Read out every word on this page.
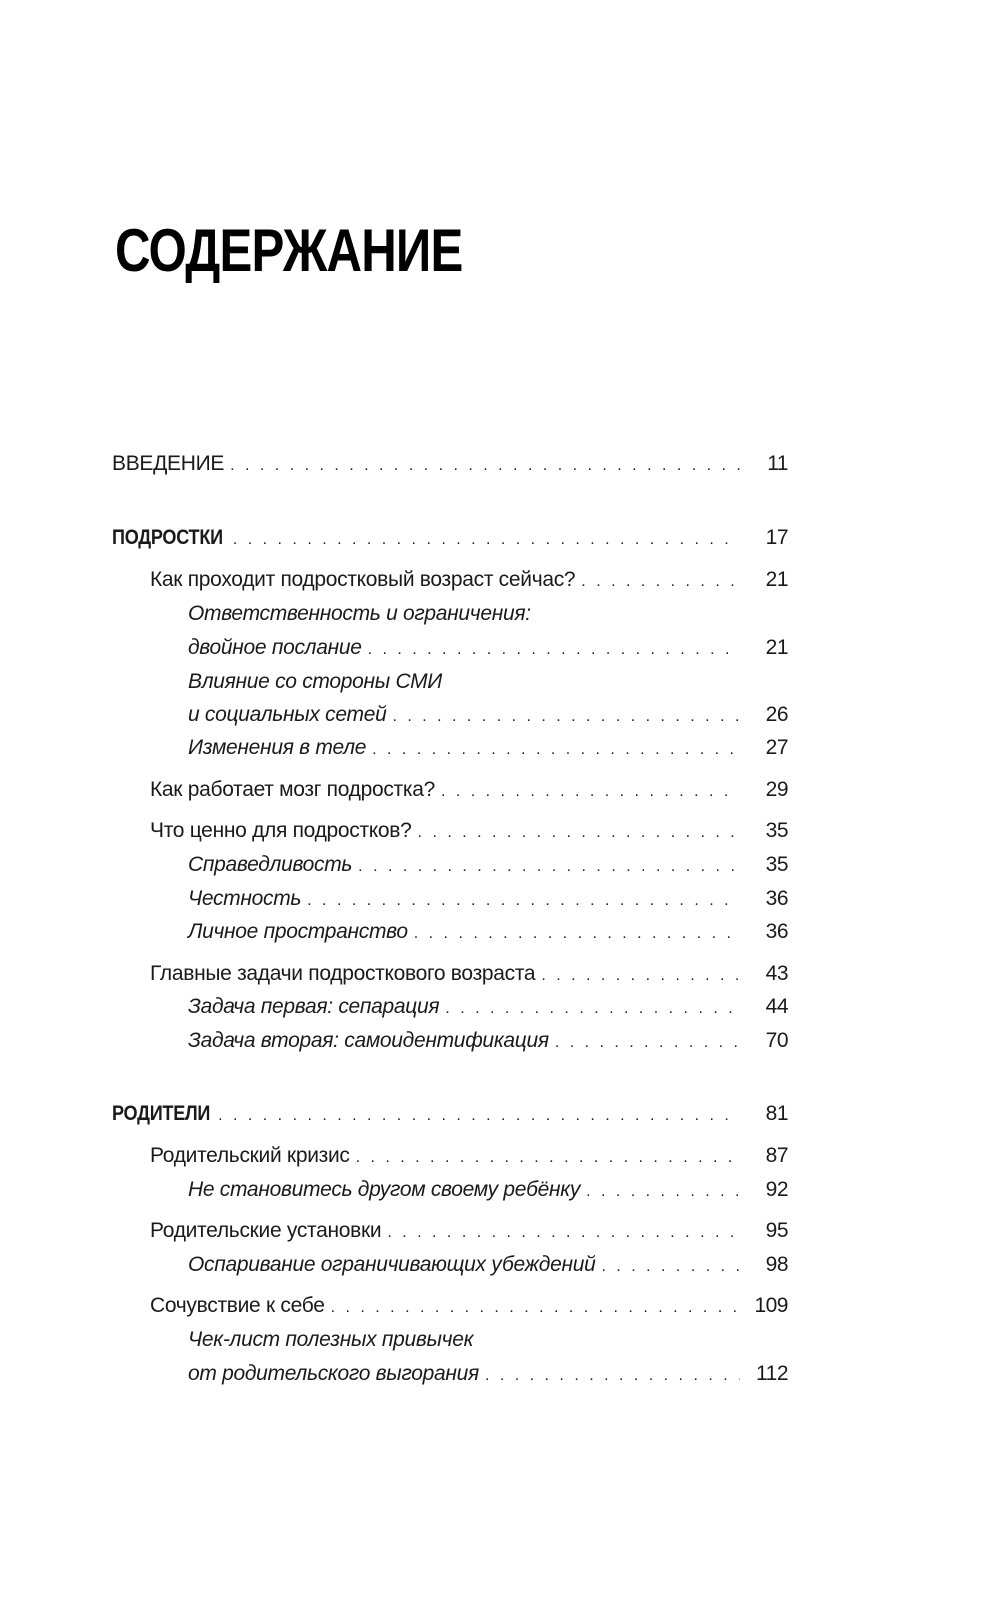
СОДЕРЖАНИЕ
ВВЕДЕНИЕ . . .	11
ПОДРОСТКИ . . .	17
Как проходит подростковый возраст сейчас? . . .	21
Ответственность и ограничения:
двойное послание . . .	21
Влияние со стороны СМИ
и социальных сетей . . .	26
Изменения в теле . . .	27
Как работает мозг подростка? . . .	29
Что ценно для подростков? . . .	35
Справедливость . . .	35
Честность . . .	36
Личное пространство . . .	36
Главные задачи подросткового возраста . . .	43
Задача первая: сепарация . . .	44
Задача вторая: самоидентификация . . .	70
РОДИТЕЛИ . . .	81
Родительский кризис . . .	87
Не становитесь другом своему ребёнку . . .	92
Родительские установки . . .	95
Оспаривание ограничивающих убеждений . . .	98
Сочувствие к себе . . .	109
Чек-лист полезных привычек
от родительского выгорания . . .	112
